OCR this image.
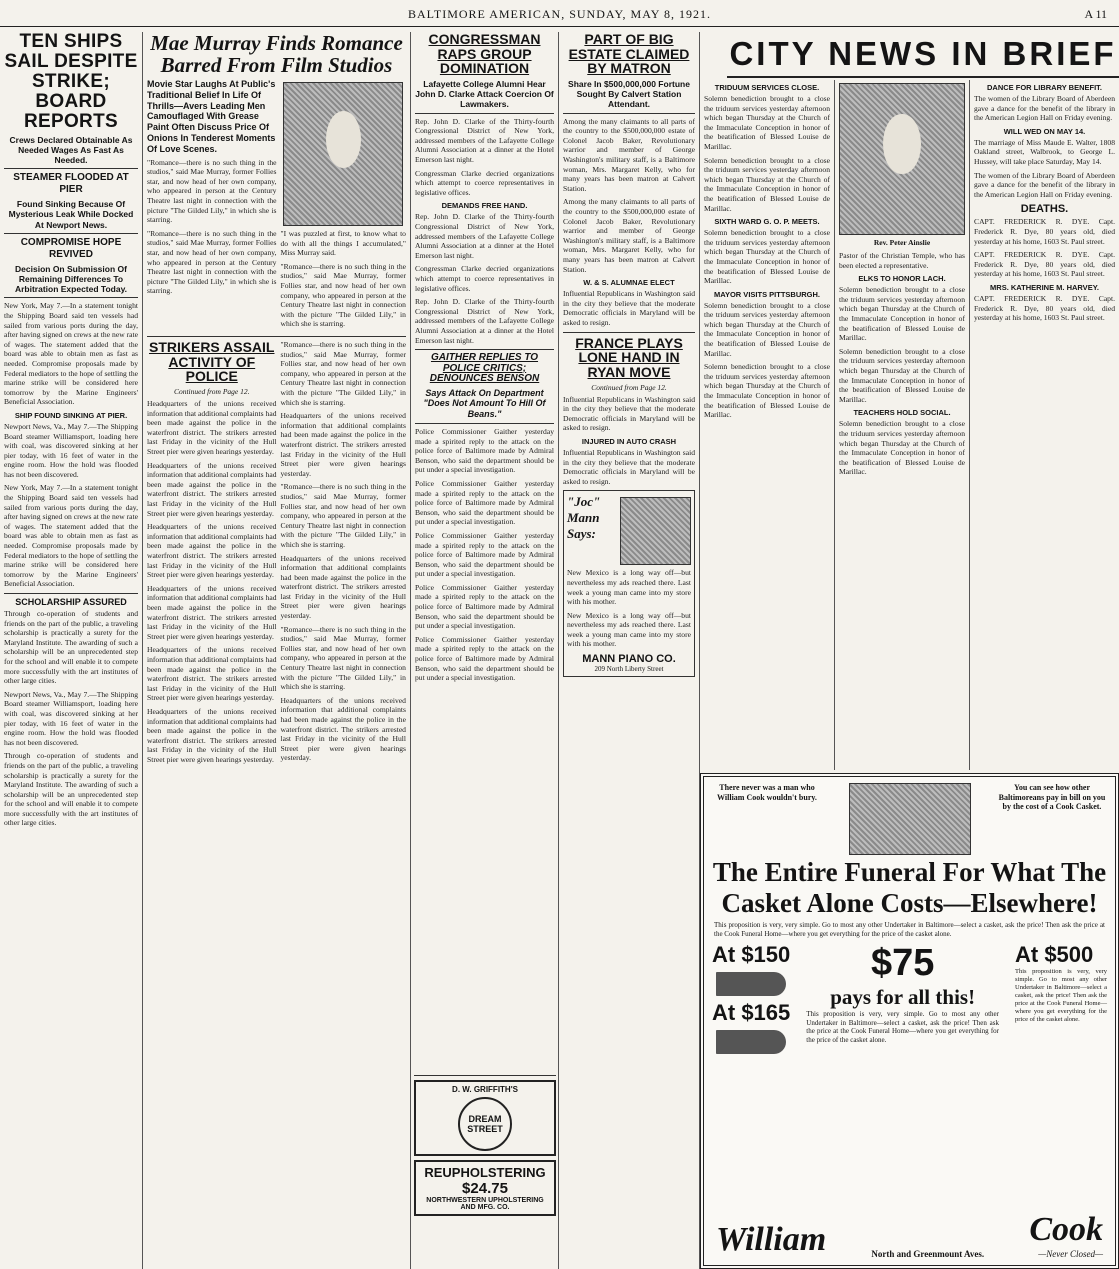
BALTIMORE AMERICAN, SUNDAY, MAY 8, 1921.	A 11
TEN SHIPS SAIL DESPITE STRIKE; BOARD REPORTS
Crews Declared Obtainable As Needed Wages As Fast As Needed.
STEAMER FLOODED AT PIER
Found Sinking Because Of Mysterious Leak While Docked At Newport News.
COMPROMISE HOPE REVIVED
Decision On Submission Of Remaining Differences To Arbitration Expected Today.

New York, May 7.—In a statement tonight the Shipping Board said ten vessels had sailed from various ports during the day, after having signed on crews at the new rate of wages. The statement added that the board was able to obtain men as fast as needed. Compromise proposals made by Federal mediators to the hope of settling the marine strike will be considered here tomorrow by the Marine Engineers' Beneficial Association.

SHIP FOUND SINKING AT PIER.

Newport News, Va., May 7.—The Shipping Board steamer Williamsport, loading here with coal, was discovered sinking at her pier today, with 16 feet of water in the engine room. How the hold was flooded has not been discovered.

New York, May 7.—In a statement tonight the Shipping Board said ten vessels had sailed from various ports during the day, after having signed on crews at the new rate of wages. The statement added that the board was able to obtain men as fast as needed. Compromise proposals made by Federal mediators to the hope of settling the marine strike will be considered here tomorrow by the Marine Engineers' Beneficial Association.

SCHOLARSHIP ASSURED

Through co-operation of students and friends on the part of the public, a traveling scholarship is practically a surety for the Maryland Institute. The awarding of such a scholarship will be an unprecedented step for the school and will enable it to compete more successfully with the art institutes of other large cities.

Newport News, Va., May 7.—The Shipping Board steamer Williamsport, loading here with coal, was discovered sinking at her pier today, with 16 feet of water in the engine room. How the hold was flooded has not been discovered.

Through co-operation of students and friends on the part of the public, a traveling scholarship is practically a surety for the Maryland Institute. The awarding of such a scholarship will be an unprecedented step for the school and will enable it to compete more successfully with the art institutes of other large cities.

Mae Murray Finds Romance Barred From Film Studios
Movie Star Laughs At Public's Traditional Belief In Life Of Thrills—Avers Leading Men Camouflaged With Grease Paint Often Discuss Price Of Onions In Tenderest Moments Of Love Scenes.

"Romance—there is no such thing in the studios," said Mae Murray, former Follies star, and now head of her own company, who appeared in person at the Century Theatre last night in connection with the picture "The Gilded Lily," in which she is starring.

"Romance—there is no such thing in the studios," said Mae Murray, former Follies star, and now head of her own company, who appeared in person at the Century Theatre last night in connection with the picture "The Gilded Lily," in which she is starring.

"I was puzzled at first, to know what to do with all the things I accumulated," Miss Murray said.

"Romance—there is no such thing in the studios," said Mae Murray, former Follies star, and now head of her own company, who appeared in person at the Century Theatre last night in connection with the picture "The Gilded Lily," in which she is starring.

STRIKERS ASSAIL ACTIVITY OF POLICE
Continued from Page 12.

Headquarters of the unions received information that additional complaints had been made against the police in the waterfront district. The strikers arrested last Friday in the vicinity of the Hull Street pier were given hearings yesterday.

Headquarters of the unions received information that additional complaints had been made against the police in the waterfront district. The strikers arrested last Friday in the vicinity of the Hull Street pier were given hearings yesterday.

Headquarters of the unions received information that additional complaints had been made against the police in the waterfront district. The strikers arrested last Friday in the vicinity of the Hull Street pier were given hearings yesterday.

Headquarters of the unions received information that additional complaints had been made against the police in the waterfront district. The strikers arrested last Friday in the vicinity of the Hull Street pier were given hearings yesterday.

Headquarters of the unions received information that additional complaints had been made against the police in the waterfront district. The strikers arrested last Friday in the vicinity of the Hull Street pier were given hearings yesterday.

Headquarters of the unions received information that additional complaints had been made against the police in the waterfront district. The strikers arrested last Friday in the vicinity of the Hull Street pier were given hearings yesterday.

"Romance—there is no such thing in the studios," said Mae Murray, former Follies star, and now head of her own company, who appeared in person at the Century Theatre last night in connection with the picture "The Gilded Lily," in which she is starring.

Headquarters of the unions received information that additional complaints had been made against the police in the waterfront district. The strikers arrested last Friday in the vicinity of the Hull Street pier were given hearings yesterday.

"Romance—there is no such thing in the studios," said Mae Murray, former Follies star, and now head of her own company, who appeared in person at the Century Theatre last night in connection with the picture "The Gilded Lily," in which she is starring.

Headquarters of the unions received information that additional complaints had been made against the police in the waterfront district. The strikers arrested last Friday in the vicinity of the Hull Street pier were given hearings yesterday.

"Romance—there is no such thing in the studios," said Mae Murray, former Follies star, and now head of her own company, who appeared in person at the Century Theatre last night in connection with the picture "The Gilded Lily," in which she is starring.

Headquarters of the unions received information that additional complaints had been made against the police in the waterfront district. The strikers arrested last Friday in the vicinity of the Hull Street pier were given hearings yesterday.

CONGRESSMAN RAPS GROUP DOMINATION
Lafayette College Alumni Hear John D. Clarke Attack Coercion Of Lawmakers.

Rep. John D. Clarke of the Thirty-fourth Congressional District of New York, addressed members of the Lafayette College Alumni Association at a dinner at the Hotel Emerson last night.

Congressman Clarke decried organizations which attempt to coerce representatives in legislative offices.

DEMANDS FREE HAND.

Rep. John D. Clarke of the Thirty-fourth Congressional District of New York, addressed members of the Lafayette College Alumni Association at a dinner at the Hotel Emerson last night.

Congressman Clarke decried organizations which attempt to coerce representatives in legislative offices.

Rep. John D. Clarke of the Thirty-fourth Congressional District of New York, addressed members of the Lafayette College Alumni Association at a dinner at the Hotel Emerson last night.

GAITHER REPLIES TO POLICE CRITICS; DENOUNCES BENSON
Says Attack On Department "Does Not Amount To Hill Of Beans."

Police Commissioner Gaither yesterday made a spirited reply to the attack on the police force of Baltimore made by Admiral Benson, who said the department should be put under a special investigation.

Police Commissioner Gaither yesterday made a spirited reply to the attack on the police force of Baltimore made by Admiral Benson, who said the department should be put under a special investigation.

Police Commissioner Gaither yesterday made a spirited reply to the attack on the police force of Baltimore made by Admiral Benson, who said the department should be put under a special investigation.

Police Commissioner Gaither yesterday made a spirited reply to the attack on the police force of Baltimore made by Admiral Benson, who said the department should be put under a special investigation.

Police Commissioner Gaither yesterday made a spirited reply to the attack on the police force of Baltimore made by Admiral Benson, who said the department should be put under a special investigation.

PART OF BIG ESTATE CLAIMED BY MATRON
Share In $500,000,000 Fortune Sought By Calvert Station Attendant.

Among the many claimants to all parts of the country to the $500,000,000 estate of Colonel Jacob Baker, Revolutionary warrior and member of George Washington's military staff, is a Baltimore woman, Mrs. Margaret Kelly, who for many years has been matron at Calvert Station.

Among the many claimants to all parts of the country to the $500,000,000 estate of Colonel Jacob Baker, Revolutionary warrior and member of George Washington's military staff, is a Baltimore woman, Mrs. Margaret Kelly, who for many years has been matron at Calvert Station.

W. & S. ALUMNAE ELECT

Influential Republicans in Washington said in the city they believe that the moderate Democratic officials in Maryland will be asked to resign.

FRANCE PLAYS LONE HAND IN RYAN MOVE
Continued from Page 12.

Influential Republicans in Washington said in the city they believe that the moderate Democratic officials in Maryland will be asked to resign.

INJURED IN AUTO CRASH

Influential Republicans in Washington said in the city they believe that the moderate Democratic officials in Maryland will be asked to resign.

"Joc" Mann Says:

New Mexico is a long way off—but nevertheless my ads reached there. Last week a young man came into my store with his mother.

New Mexico is a long way off—but nevertheless my ads reached there. Last week a young man came into my store with his mother.

MANN PIANO CO.
209 North Liberty Street
D. W. GRIFFITH'S
DREAM STREET
REUPHOLSTERING
$24.75
NORTHWESTERN UPHOLSTERING AND MFG. CO.
CITY NEWS IN BRIEF
TRIDUUM SERVICES CLOSE.

Solemn benediction brought to a close the triduum services yesterday afternoon which began Thursday at the Church of the Immaculate Conception in honor of the beatification of Blessed Louise de Marillac.

Solemn benediction brought to a close the triduum services yesterday afternoon which began Thursday at the Church of the Immaculate Conception in honor of the beatification of Blessed Louise de Marillac.

SIXTH WARD G. O. P. MEETS.

Solemn benediction brought to a close the triduum services yesterday afternoon which began Thursday at the Church of the Immaculate Conception in honor of the beatification of Blessed Louise de Marillac.

MAYOR VISITS PITTSBURGH.

Solemn benediction brought to a close the triduum services yesterday afternoon which began Thursday at the Church of the Immaculate Conception in honor of the beatification of Blessed Louise de Marillac.

Solemn benediction brought to a close the triduum services yesterday afternoon which began Thursday at the Church of the Immaculate Conception in honor of the beatification of Blessed Louise de Marillac.

Rev. Peter Ainslie

Pastor of the Christian Temple, who has been elected a representative.

ELKS TO HONOR LACH.

Solemn benediction brought to a close the triduum services yesterday afternoon which began Thursday at the Church of the Immaculate Conception in honor of the beatification of Blessed Louise de Marillac.

Solemn benediction brought to a close the triduum services yesterday afternoon which began Thursday at the Church of the Immaculate Conception in honor of the beatification of Blessed Louise de Marillac.

TEACHERS HOLD SOCIAL.

Solemn benediction brought to a close the triduum services yesterday afternoon which began Thursday at the Church of the Immaculate Conception in honor of the beatification of Blessed Louise de Marillac.

DANCE FOR LIBRARY BENEFIT.

The women of the Library Board of Aberdeen gave a dance for the benefit of the library in the American Legion Hall on Friday evening.

WILL WED ON MAY 14.

The marriage of Miss Maude E. Walter, 1808 Oakland street, Walbrook, to George L. Hussey, will take place Saturday, May 14.

The women of the Library Board of Aberdeen gave a dance for the benefit of the library in the American Legion Hall on Friday evening.

DEATHS.

CAPT. FREDERICK R. DYE. Capt. Frederick R. Dye, 80 years old, died yesterday at his home, 1603 St. Paul street.

CAPT. FREDERICK R. DYE. Capt. Frederick R. Dye, 80 years old, died yesterday at his home, 1603 St. Paul street.

MRS. KATHERINE M. HARVEY.

CAPT. FREDERICK R. DYE. Capt. Frederick R. Dye, 80 years old, died yesterday at his home, 1603 St. Paul street.

There never was a man who William Cook wouldn't bury.
You can see how other Baltimoreans pay in bill on you by the cost of a Cook Casket.
The Entire Funeral For What The Casket Alone Costs—Elsewhere!
This proposition is very, very simple. Go to most any other Undertaker in Baltimore—select a casket, ask the price! Then ask the price at the Cook Funeral Home—where you get everything for the price of the casket alone.
At $150
At $165
$75
pays for all this!
This proposition is very, very simple. Go to most any other Undertaker in Baltimore—select a casket, ask the price! Then ask the price at the Cook Funeral Home—where you get everything for the price of the casket alone.
At $500
This proposition is very, very simple. Go to most any other Undertaker in Baltimore—select a casket, ask the price! Then ask the price at the Cook Funeral Home—where you get everything for the price of the casket alone.
William	North and Greenmount Aves.
Cook
—Never Closed—
